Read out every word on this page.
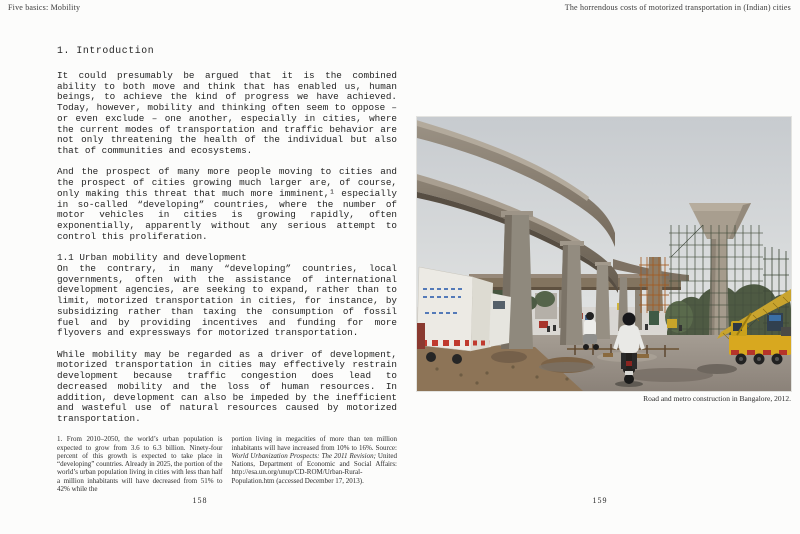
Five basics: Mobility	The horrendous costs of motorized transportation in (Indian) cities
1. Introduction

It could presumably be argued that it is the combined ability to both move and think that has enabled us, human beings, to achieve the kind of progress we have achieved. Today, however, mobility and thinking often seem to oppose – or even exclude – one another, especially in cities, where the current modes of transportation and traffic behavior are not only threatening the health of the individual but also that of communities and ecosystems.

And the prospect of many more people moving to cities and the prospect of cities growing much larger are, of course, only making this threat that much more imminent,¹ especially in so-called “developing” countries, where the number of motor vehicles in cities is growing rapidly, often exponentially, apparently without any serious attempt to control this proliferation.

1.1 Urban mobility and development

On the contrary, in many “developing” countries, local governments, often with the assistance of international development agencies, are seeking to expand, rather than to limit, motorized transportation in cities, for instance, by subsidizing rather than taxing the consumption of fossil fuel and by providing incentives and funding for more flyovers and expressways for motorized transportation.

While mobility may be regarded as a driver of development, motorized transportation in cities may effectively restrain development because traffic congestion does lead to decreased mobility and the loss of human resources. In addition, development can also be impeded by the inefficient and wasteful use of natural resources caused by motorized transportation.

1. From 2010–2050, the world’s urban population is expected to grow from 3.6 to 6.3 billion. Ninety-four percent of this growth is expected to take place in “developing” countries. Already in 2025, the portion of the world’s urban population living in cities with less than half a million inhabitants will have decreased from 51% to 42% while the
portion living in megacities of more than ten million inhabitants will have increased from 10% to 16%. Source: World Urbanization Prospects: The 2011 Revision; United Nations, Department of Economic and Social Affairs: http://esa.un.org/unup/CD-ROM/Urban-Rural-Population.htm (accessed December 17, 2013).
Road and metro construction in Bangalore, 2012.
158	159
